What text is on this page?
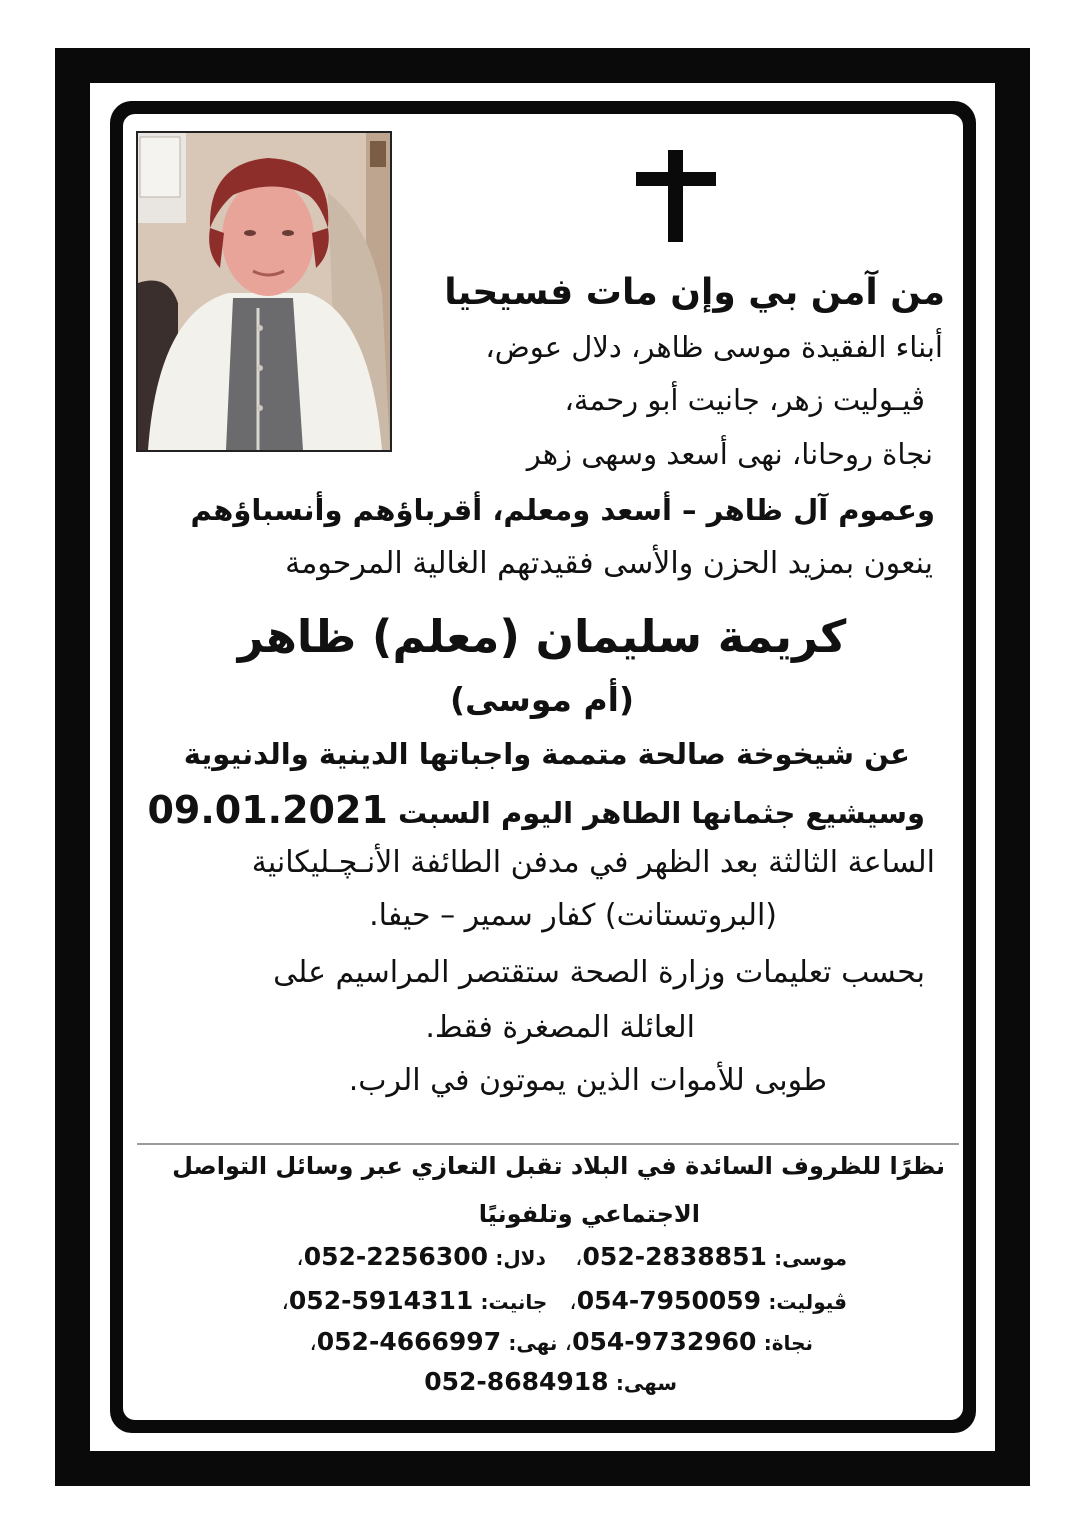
من آمن بي وإن مات فسيحيا
أبناء الفقيدة موسى ظاهر، دلال عوض،
ڤيـوليت زهر، جانيت أبو رحمة،
نجاة روحانا، نهى أسعد وسهى زهر
وعموم آل ظاهر – أسعد ومعلم، أقرباؤهم وأنسباؤهم
ينعون بمزيد الحزن والأسى فقيدتهم الغالية المرحومة
كريمة سليمان (معلم) ظاهر
(أم موسى)
عن شيخوخة صالحة متممة واجباتها الدينية والدنيوية
وسيشيع جثمانها الطاهر اليوم السبت 09.01.2021
الساعة الثالثة بعد الظهر في مدفن الطائفة الأنـﭽـليكانية
(البروتستانت) كفار سمير – حيفا.
بحسب تعليمات وزارة الصحة ستقتصر المراسيم على
العائلة المصغرة فقط.
طوبى للأموات الذين يموتون في الرب.
نظرًا للظروف السائدة في البلاد تقبل التعازي عبر وسائل التواصل
الاجتماعي وتلفونيًا
موسى: 052-2838851،    دلال: 052-2256300،
ڤيوليت: 054-7950059،   جانيت: 052-5914311،
نجاة: 054-9732960، نهى: 052-4666997،
سهى: 052-8684918
